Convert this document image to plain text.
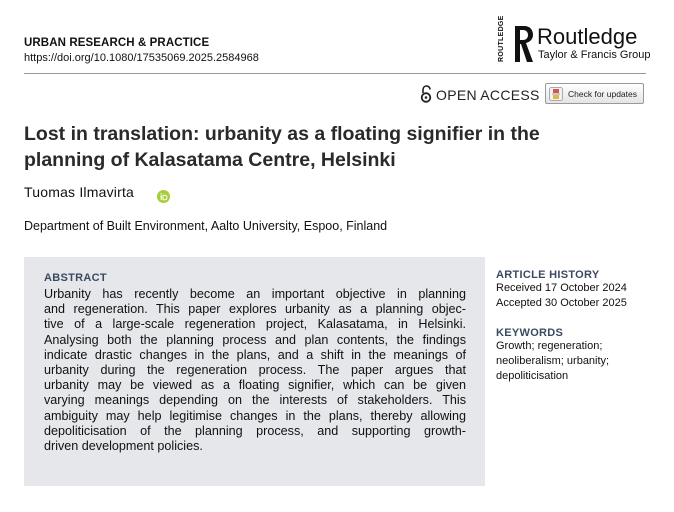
URBAN RESEARCH & PRACTICE
https://doi.org/10.1080/17535069.2025.2584968	ROUTLEDGE	Routledge
Taylor & Francis Group
OPEN ACCESS	Check for updates
Lost in translation: urbanity as a floating signifier in the
planning of Kalasatama Centre, Helsinki
Tuomas Ilmavirta
Department of Built Environment, Aalto University, Espoo, Finland
ABSTRACT
Urbanity has recently become an important objective in planning
and regeneration. This paper explores urbanity as a planning objec-
tive of a large-scale regeneration project, Kalasatama, in Helsinki.
Analysing both the planning process and plan contents, the findings
indicate drastic changes in the plans, and a shift in the meanings of
urbanity during the regeneration process. The paper argues that
urbanity may be viewed as a floating signifier, which can be given
varying meanings depending on the interests of stakeholders. This
ambiguity may help legitimise changes in the plans, thereby allowing
depoliticisation of the planning process, and supporting growth-
driven development policies.
ARTICLE HISTORY
Received 17 October 2024
Accepted 30 October 2025
KEYWORDS
Growth; regeneration;
neoliberalism; urbanity;
depoliticisation
